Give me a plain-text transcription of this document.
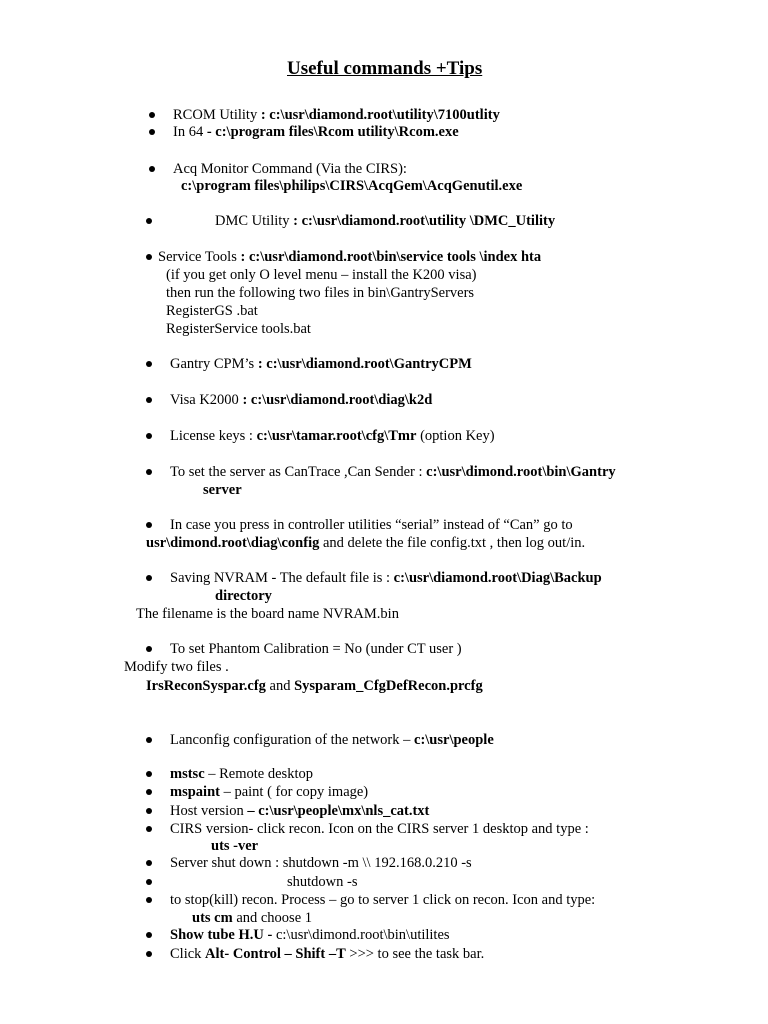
Useful commands +Tips
RCOM Utility : c:\usr\diamond.root\utility\7100utlity
In 64 - c:\program files\Rcom utility\Rcom.exe
Acq Monitor Command (Via the CIRS):
c:\program files\philips\CIRS\AcqGem\AcqGenutil.exe
DMC Utility : c:\usr\diamond.root\utility \DMC_Utility
Service Tools : c:\usr\diamond.root\bin\service tools \index hta
(if you get only O level menu – install the K200 visa)
then run the following two files in bin\GantryServers
RegisterGS .bat
RegisterService tools.bat
Gantry CPM’s : c:\usr\diamond.root\GantryCPM
Visa K2000 : c:\usr\diamond.root\diag\k2d
License keys : c:\usr\tamar.root\cfg\Tmr (option Key)
To set the server as CanTrace ,Can Sender : c:\usr\dimond.root\bin\Gantry
server
In case you press in controller utilities “serial” instead of “Can” go to
usr\dimond.root\diag\config and delete the file config.txt , then log out/in.
Saving NVRAM - The default file is : c:\usr\diamond.root\Diag\Backup
directory
The filename is the board name NVRAM.bin
To set Phantom Calibration = No (under CT user )
Modify two files .
IrsReconSyspar.cfg and Sysparam_CfgDefRecon.prcfg
Lanconfig configuration of the network – c:\usr\people
mstsc – Remote desktop
mspaint – paint ( for copy image)
Host version – c:\usr\people\mx\nls_cat.txt
CIRS version- click recon. Icon on the CIRS server 1 desktop and type :
uts -ver
Server shut down : shutdown -m \\ 192.168.0.210 -s
shutdown -s
to stop(kill) recon. Process – go to server 1 click on recon. Icon and type:
uts cm and choose 1
Show tube H.U - c:\usr\dimond.root\bin\utilites
Click Alt- Control – Shift –T >>> to see the task bar.
